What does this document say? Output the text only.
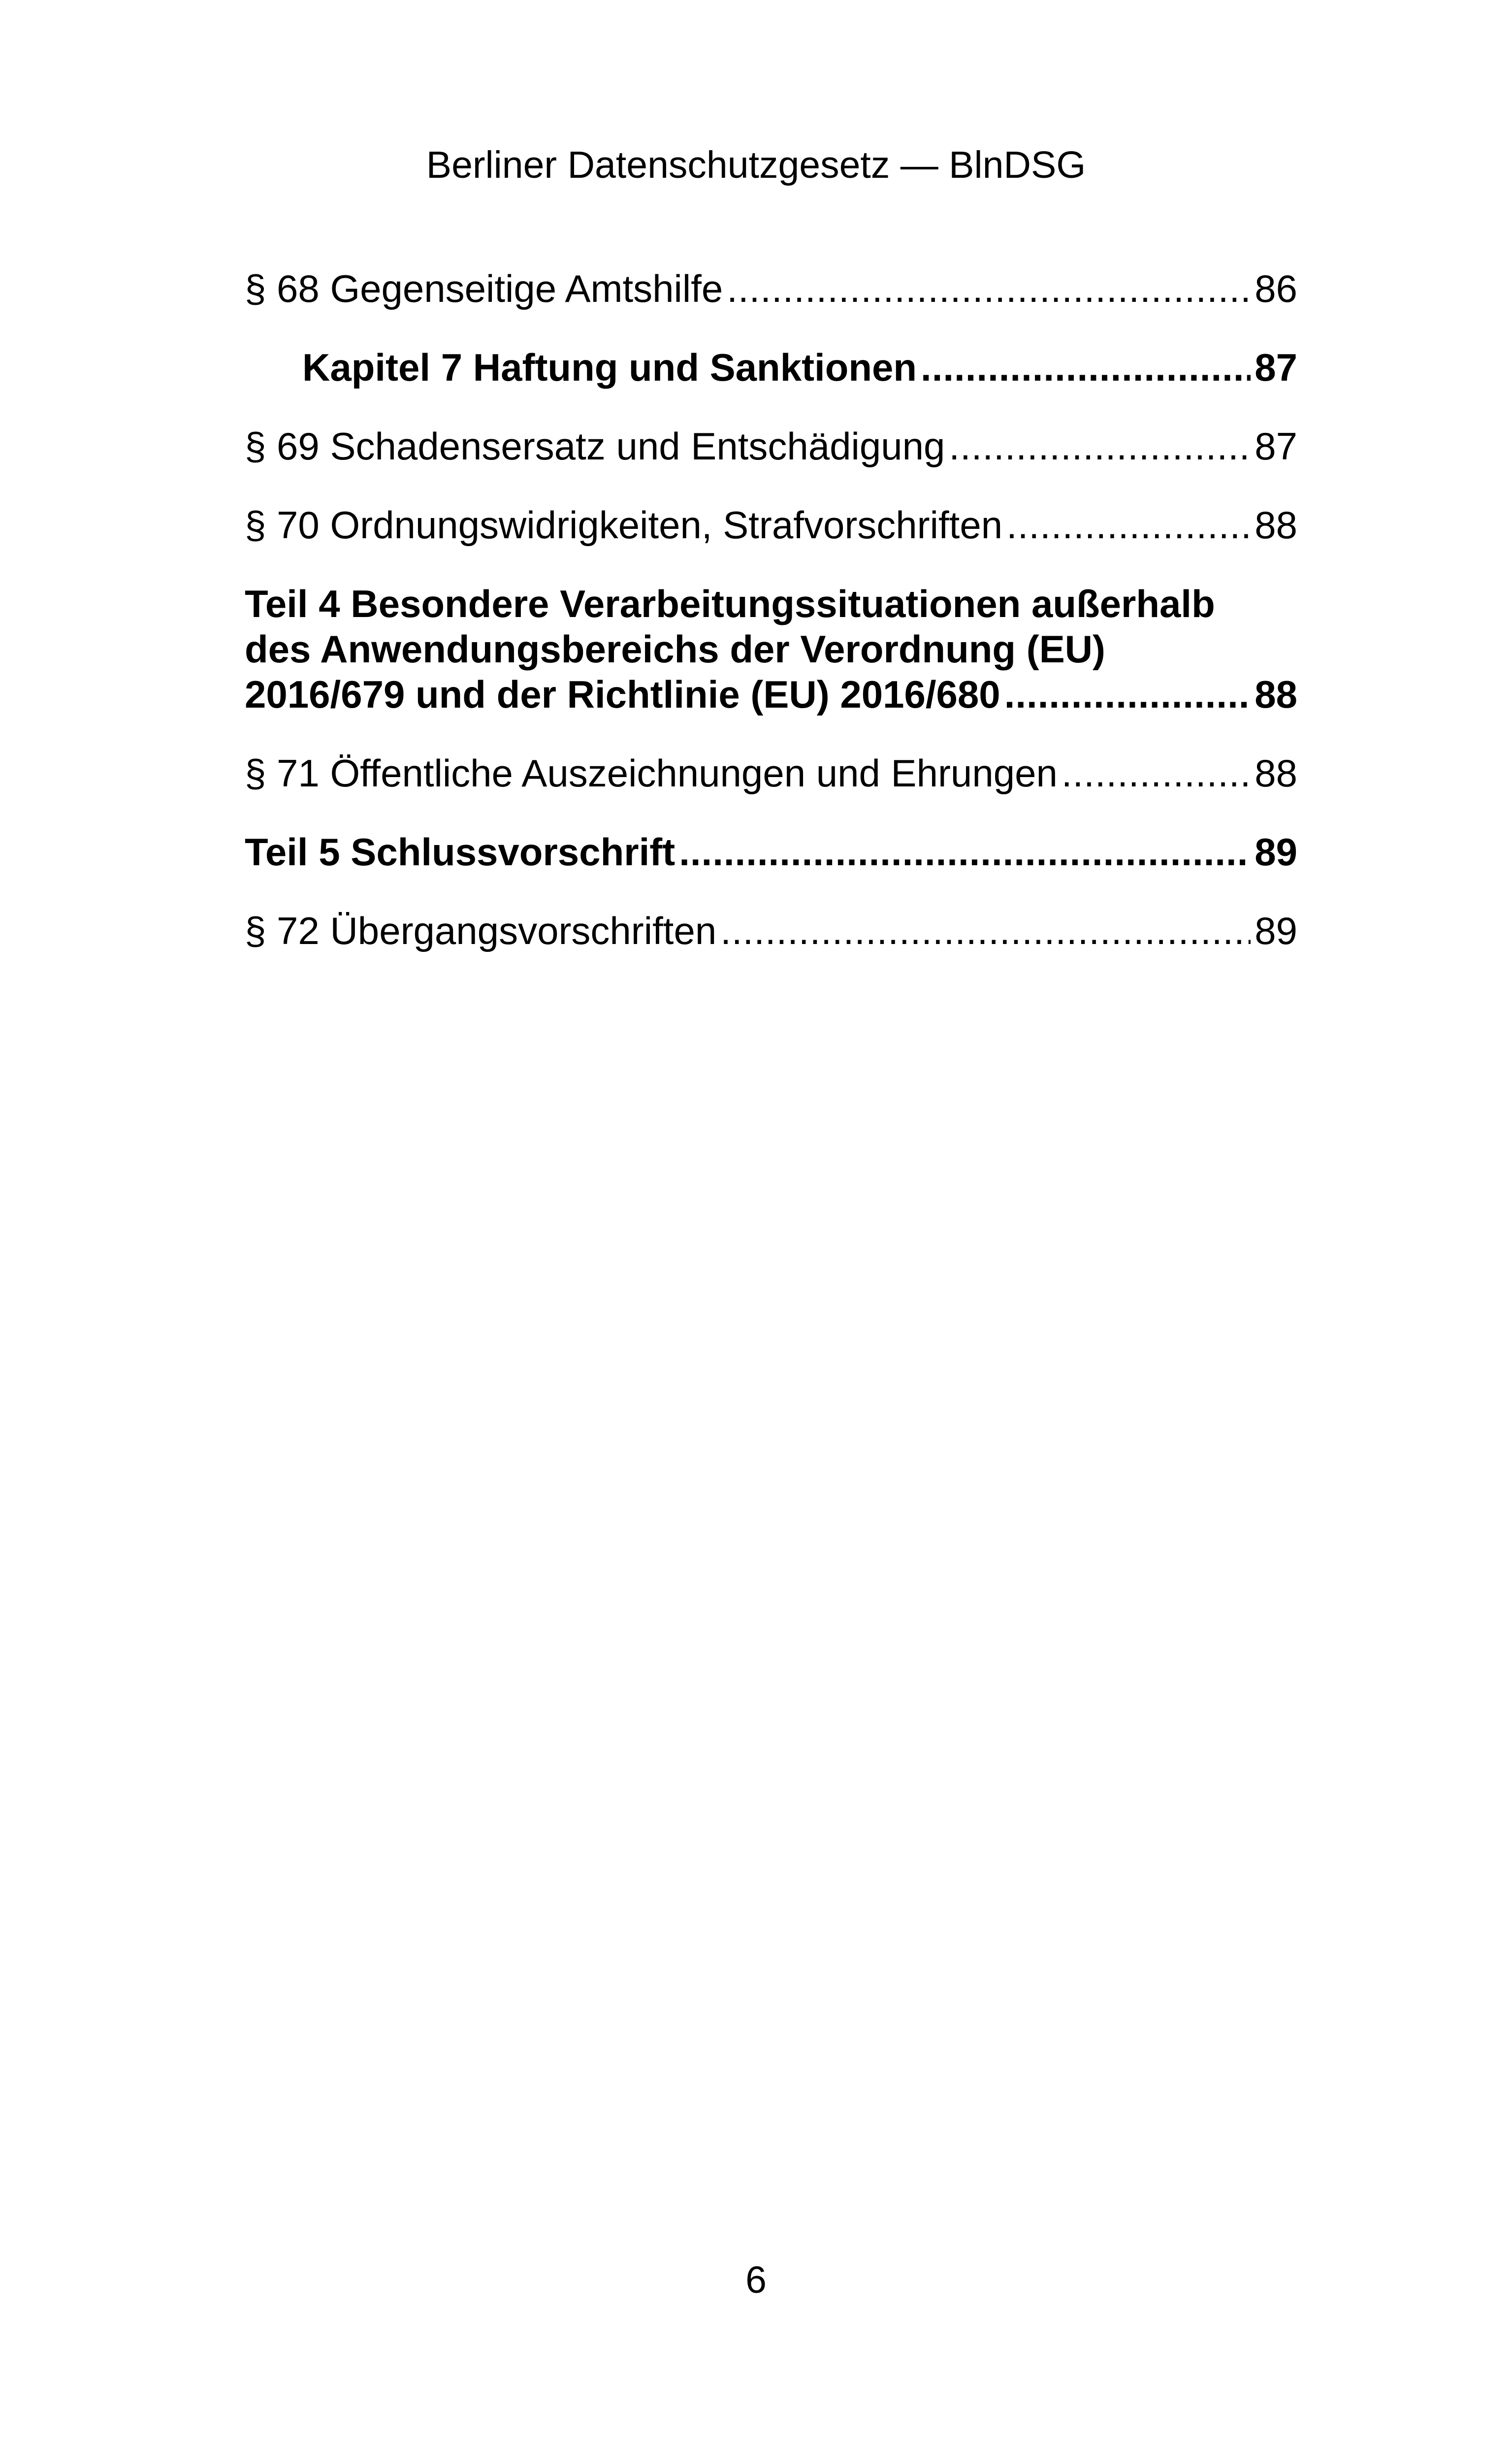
Berliner Datenschutzgesetz — BlnDSG
§ 68 Gegenseitige Amtshilfe .....	86
Kapitel 7 Haftung und Sanktionen .....	87
§ 69 Schadensersatz und Entschädigung .....	87
§ 70 Ordnungswidrigkeiten, Strafvorschriften .....	88
Teil 4 Besondere Verarbeitungssituationen außerhalb
des Anwendungsbereichs der Verordnung (EU)
2016/679 und der Richtlinie (EU) 2016/680 .....	88
§ 71 Öffentliche Auszeichnungen und Ehrungen .....	88
Teil 5 Schlussvorschrift .....	89
§ 72 Übergangsvorschriften .....	89
6
